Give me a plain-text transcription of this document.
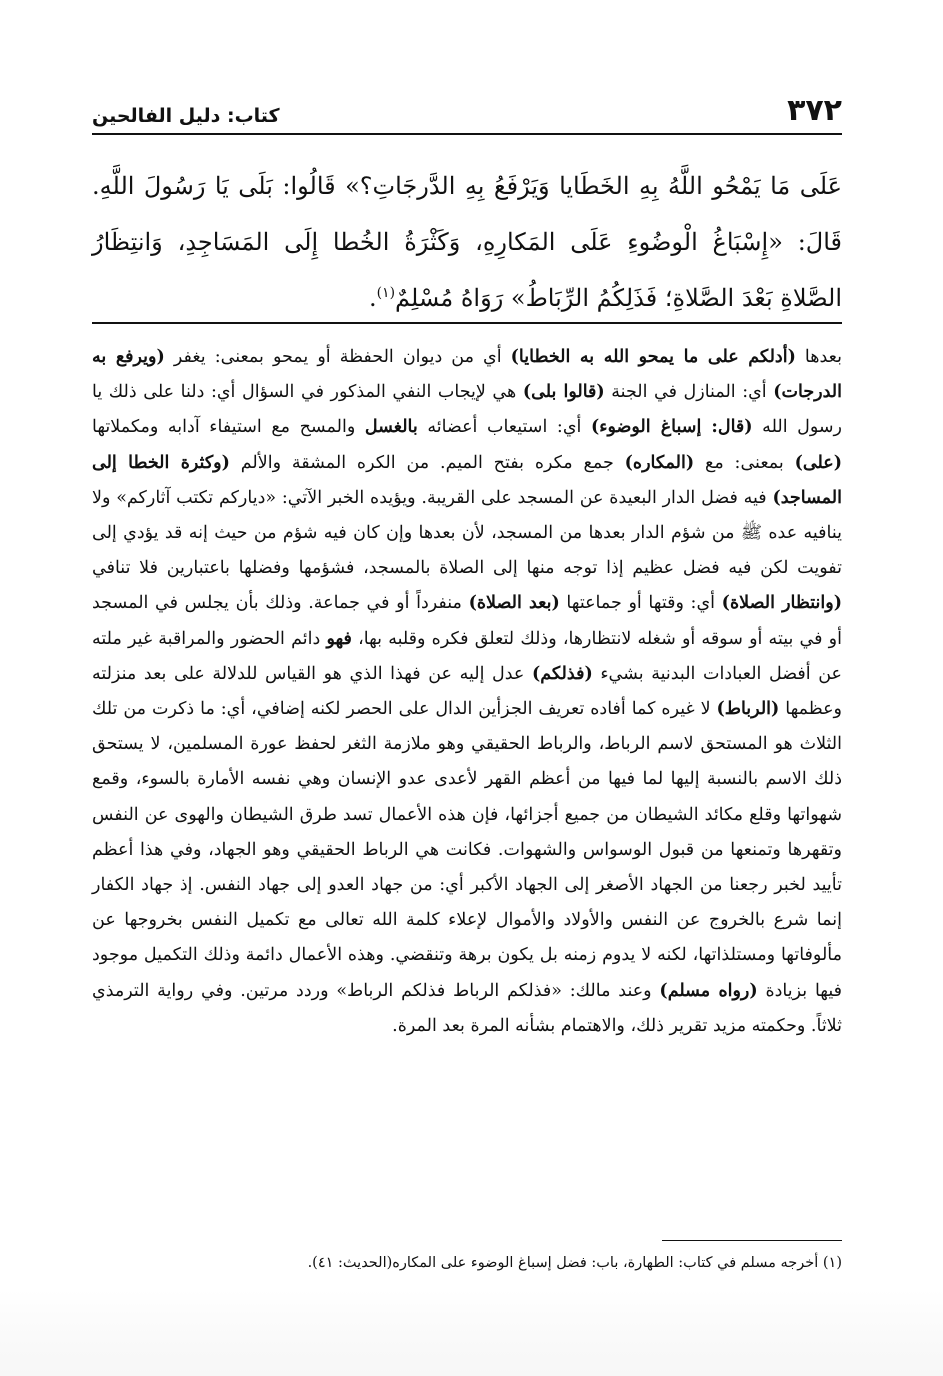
٣٧٢
كتاب: دليل الفالحين

عَلَى مَا يَمْحُو اللَّهُ بِهِ الخَطَايا وَيَرْفَعُ بِهِ الدَّرجَاتِ؟» قَالُوا: بَلَى يَا رَسُولَ اللَّهِ. قَالَ: «إِسْبَاغُ الْوضُوءِ عَلَى المَكارِهِ، وَكَثْرَةُ الخُطا إِلَى المَسَاجِدِ، وَانتِظَارُ الصَّلاةِ بَعْدَ الصَّلاةِ؛ فَذَلِكُمُ الرِّبَاطُ» رَوَاهُ مُسْلِمٌ$^{(١)}$.

بعدها (أدلكم على ما يمحو الله به الخطايا) أي من ديوان الحفظة أو يمحو بمعنى: يغفر (ويرفع به الدرجات) أي: المنازل في الجنة (قالوا بلى) هي لإيجاب النفي المذكور في السؤال أي: دلنا على ذلك يا رسول الله (قال: إسباغ الوضوء) أي: استيعاب أعضائه بالغسل والمسح مع استيفاء آدابه ومكملاتها (على) بمعنى: مع (المكاره) جمع مكره بفتح الميم. من الكره المشقة والألم (وكثرة الخطا إلى المساجد) فيه فضل الدار البعيدة عن المسجد على القريبة. ويؤيده الخبر الآتي: «دياركم تكتب آثاركم» ولا ينافيه عده ﷺ من شؤم الدار بعدها من المسجد، لأن بعدها وإن كان فيه شؤم من حيث إنه قد يؤدي إلى تفويت لكن فيه فضل عظيم إذا توجه منها إلى الصلاة بالمسجد، فشؤمها وفضلها باعتبارين فلا تنافي (وانتظار الصلاة) أي: وقتها أو جماعتها (بعد الصلاة) منفرداً أو في جماعة. وذلك بأن يجلس في المسجد أو في بيته أو سوقه أو شغله لانتظارها، وذلك لتعلق فكره وقلبه بها، فهو دائم الحضور والمراقبة غير ملته عن أفضل العبادات البدنية بشيء (فذلكم) عدل إليه عن فهذا الذي هو القياس للدلالة على بعد منزلته وعظمها (الرباط) لا غيره كما أفاده تعريف الجزأين الدال على الحصر لكنه إضافي، أي: ما ذكرت من تلك الثلاث هو المستحق لاسم الرباط، والرباط الحقيقي وهو ملازمة الثغر لحفظ عورة المسلمين، لا يستحق ذلك الاسم بالنسبة إليها لما فيها من أعظم القهر لأعدى عدو الإنسان وهي نفسه الأمارة بالسوء، وقمع شهواتها وقلع مكائد الشيطان من جميع أجزائها، فإن هذه الأعمال تسد طرق الشيطان والهوى عن النفس وتقهرها وتمنعها من قبول الوسواس والشهوات. فكانت هي الرباط الحقيقي وهو الجهاد، وفي هذا أعظم تأييد لخبر رجعنا من الجهاد الأصغر إلى الجهاد الأكبر أي: من جهاد العدو إلى جهاد النفس. إذ جهاد الكفار إنما شرع بالخروج عن النفس والأولاد والأموال لإعلاء كلمة الله تعالى مع تكميل النفس بخروجها عن مألوفاتها ومستلذاتها، لكنه لا يدوم زمنه بل يكون برهة وتنقضي. وهذه الأعمال دائمة وذلك التكميل موجود فيها بزيادة (رواه مسلم) وعند مالك: «فذلكم الرباط فذلكم الرباط» وردد مرتين. وفي رواية الترمذي ثلاثاً. وحكمته مزيد تقرير ذلك، والاهتمام بشأنه المرة بعد المرة.

(١) أخرجه مسلم في كتاب: الطهارة، باب: فضل إسباغ الوضوء على المكاره(الحديث: ٤١).
